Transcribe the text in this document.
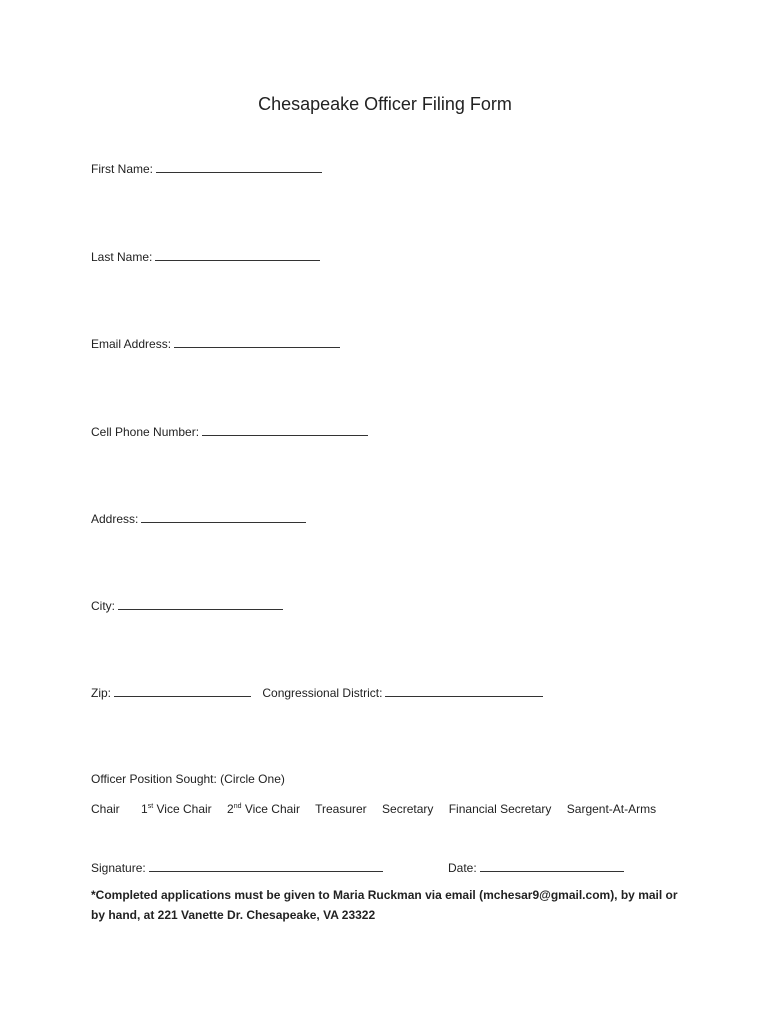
Chesapeake Officer Filing Form
First Name:
Last Name:
Email Address:
Cell Phone Number:
Address:
City:
Zip:	Congressional District:
Officer Position Sought: (Circle One)
Chair 1st Vice Chair 2nd Vice Chair Treasurer Secretary Financial Secretary Sargent-At-Arms
Signature:	Date:
*Completed applications must be given to Maria Ruckman via email (mchesar9@gmail.com), by mail or by hand, at 221 Vanette Dr. Chesapeake, VA 23322
